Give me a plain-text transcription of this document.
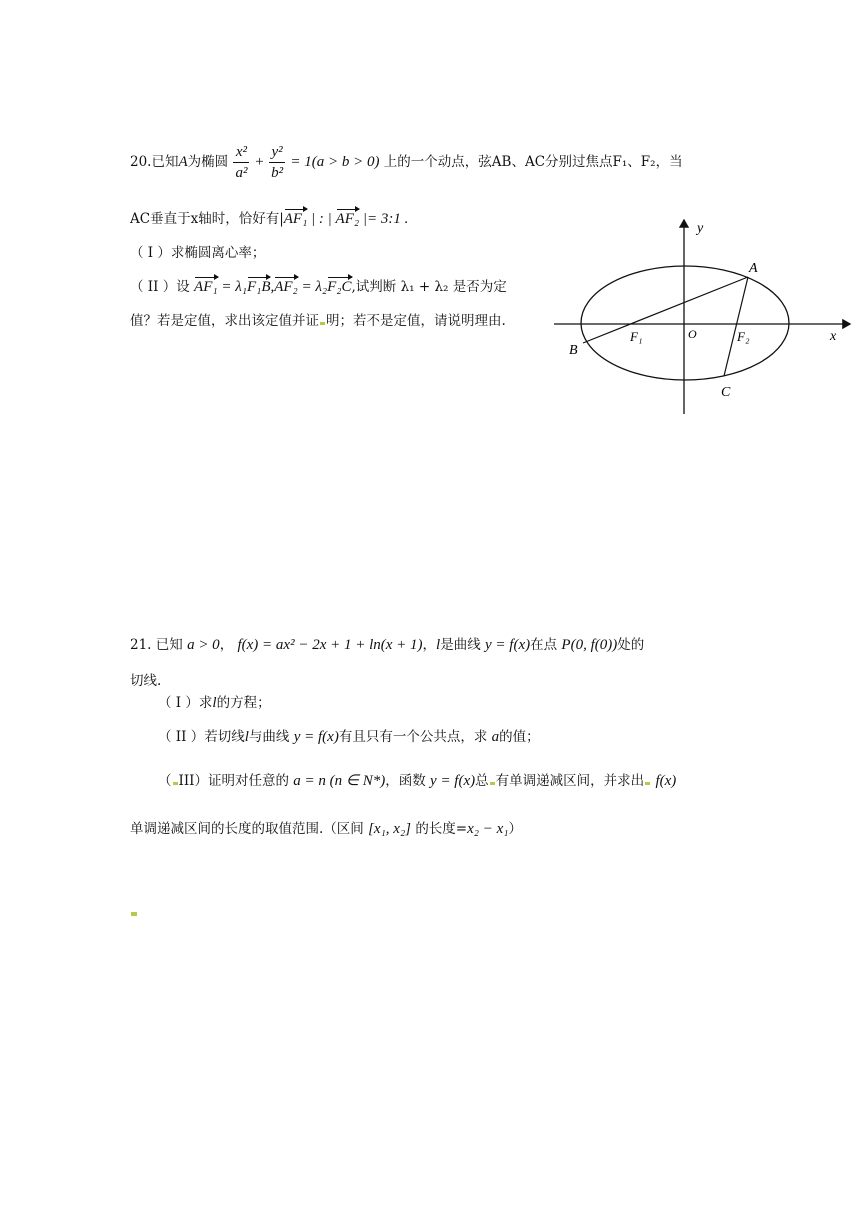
20.已知A为椭圆 $\frac{\text{x²}}{\text{a²}} + \frac{\text{y²}}{\text{b²}} = 1(a > b > 0)$ 上的一个动点，弦AB、AC分别过焦点F₁、F₂，当
AC垂直于x轴时，恰好有|AF₁ | : | AF₂ |= 3:1 .
（ I ）求椭圆离心率；
（ II ）设 AF₁ = λ₁F₁B,AF₂ = λ₂F₂C,试判断 λ₁ + λ₂ 是否为定
值？若是定值，求出该定值并证 明；若不是定值，请说明理由.
y
x
A
B
C
O
F₁	F₂
21. 已知 a > 0， f(x) = ax² − 2x + 1 + ln(x + 1)，l是曲线 y = f(x)在点 P(0, f(0))处的
切线.
（ I ）求l的方程；
（ II ）若切线l与曲线 y = f(x)有且只有一个公共点，求 a的值；
（ III）证明对任意的 a = n (n ∈ N*)，函数 y = f(x)总 有单调递减区间，并求出 f(x)
单调递减区间的长度的取值范围.（区间 [x₁, x₂] 的长度=x₂ − x₁）
